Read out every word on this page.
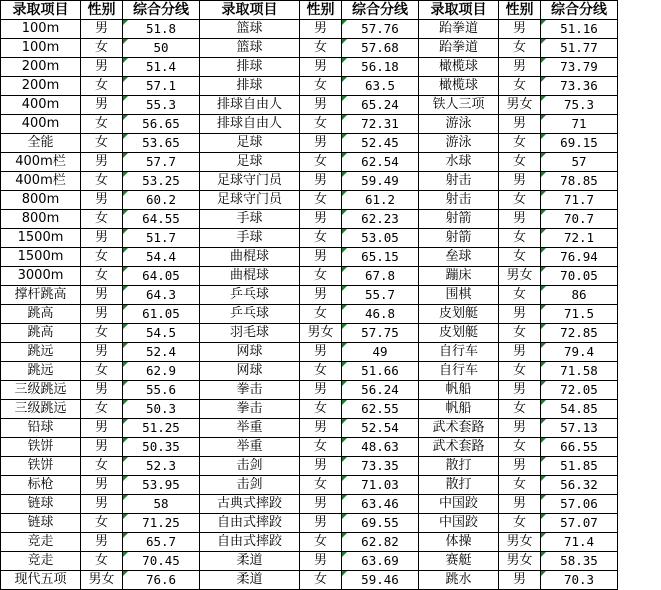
录取项目	性别	综合分线	录取项目	性别	综合分线	录取项目	性别	综合分线
100m	男	51.8	篮球	男	57.76	跆拳道	男	51.16
100m	女	50	篮球	女	57.68	跆拳道	女	51.77
200m	男	51.4	排球	男	56.18	橄榄球	男	73.79
200m	女	57.1	排球	女	63.5	橄榄球	女	73.36
400m	男	55.3	排球自由人	男	65.24	铁人三项	男女	75.3
400m	女	56.65	排球自由人	女	72.31	游泳	男	71
全能	女	53.65	足球	男	52.45	游泳	女	69.15
400m栏	男	57.7	足球	女	62.54	水球	女	57
400m栏	女	53.25	足球守门员	男	59.49	射击	男	78.85
800m	男	60.2	足球守门员	女	61.2	射击	女	71.7
800m	女	64.55	手球	男	62.23	射箭	男	70.7
1500m	男	51.7	手球	女	53.05	射箭	女	72.1
1500m	女	54.4	曲棍球	男	65.15	垒球	女	76.94
3000m	女	64.05	曲棍球	女	67.8	蹦床	男女	70.05
撑杆跳高	男	64.3	乒乓球	男	55.7	围棋	女	86
跳高	男	61.05	乒乓球	女	46.8	皮划艇	男	71.5
跳高	女	54.5	羽毛球	男女	57.75	皮划艇	女	72.85
跳远	男	52.4	网球	男	49	自行车	男	79.4
跳远	女	62.9	网球	女	51.66	自行车	女	71.58
三级跳远	男	55.6	拳击	男	56.24	帆船	男	72.05
三级跳远	女	50.3	拳击	女	62.55	帆船	女	54.85
铅球	男	51.25	举重	男	52.54	武术套路	男	57.13
铁饼	男	50.35	举重	女	48.63	武术套路	女	66.55
铁饼	女	52.3	击剑	男	73.35	散打	男	51.85
标枪	男	53.95	击剑	女	71.03	散打	女	56.32
链球	男	58	古典式摔跤	男	63.46	中国跤	男	57.06
链球	女	71.25	自由式摔跤	男	69.55	中国跤	女	57.07
竞走	男	65.7	自由式摔跤	女	62.82	体操	男女	71.4
竞走	女	70.45	柔道	男	63.69	赛艇	男女	58.35
现代五项	男女	76.6	柔道	女	59.46	跳水	男	70.3
